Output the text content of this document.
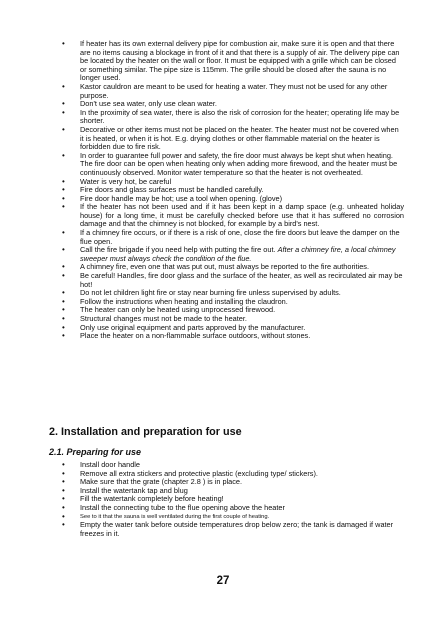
• If heater has its own external delivery pipe for combustion air, make sure it is open and that there are no items causing a blockage in front of it and that there is a supply of air. The delivery pipe can be located by the heater on the wall or floor. It must be equipped with a grille which can be closed or something similar. The pipe size is 115mm. The grille should be closed after the sauna is no longer used.
• Kastor cauldron are meant to be used for heating a water. They must not be used for any other purpose.
• Don't use sea water, only use clean water.
• In the proximity of sea water, there is also the risk of corrosion for the heater; operating life may be shorter.
• Decorative or other items must not be placed on the heater. The heater must not be covered when it is heated, or when it is hot. E.g. drying clothes or other flammable material on the heater is forbidden due to fire risk.
• In order to guarantee full power and safety, the fire door must always be kept shut when heating. The fire door can be open when heating only when adding more firewood, and the heater must be continuously observed. Monitor water temperature so that the heater is not overheated.
• Water is very hot, be careful
• Fire doors and glass surfaces must be handled carefully.
• Fire door handle may be hot; use a tool when opening. (glove)
• If the heater has not been used and if it has been kept in a damp space (e.g. unheated holiday house) for a long time, it must be carefully checked before use that it has suffered no corrosion damage and that the chimney is not blocked, for example by a bird's nest.
• If a chimney fire occurs, or if there is a risk of one, close the fire doors but leave the damper on the flue open.
• Call the fire brigade if you need help with putting the fire out. After a chimney fire, a local chimney sweeper must always check the condition of the flue.
• A chimney fire, even one that was put out, must always be reported to the fire authorities.
• Be careful! Handles, fire door glass and the surface of the heater, as well as recirculated air may be hot!
• Do not let children light fire or stay near burning fire unless supervised by adults.
• Follow the instructions when heating and installing the claudron.
• The heater can only be heated using unprocessed firewood.
• Structural changes must not be made to the heater.
• Only use original equipment and parts approved by the manufacturer.
• Place the heater on a non-flammable surface outdoors, without stones.
2. Installation and preparation for use
2.1. Preparing for use
• Install door handle
• Remove all extra stickers and protective plastic (excluding type/ stickers).
• Make sure that the grate (chapter 2.8 ) is in place.
• Install the watertank tap and blug
• Fill the watertank completely before heating!
• Install the connecting tube to the flue opening above the heater
•	See to it that the sauna is well ventilated during the first couple of heating.
• Empty the water tank before outside temperatures drop below zero; the tank is damaged if water freezes in it.
27
